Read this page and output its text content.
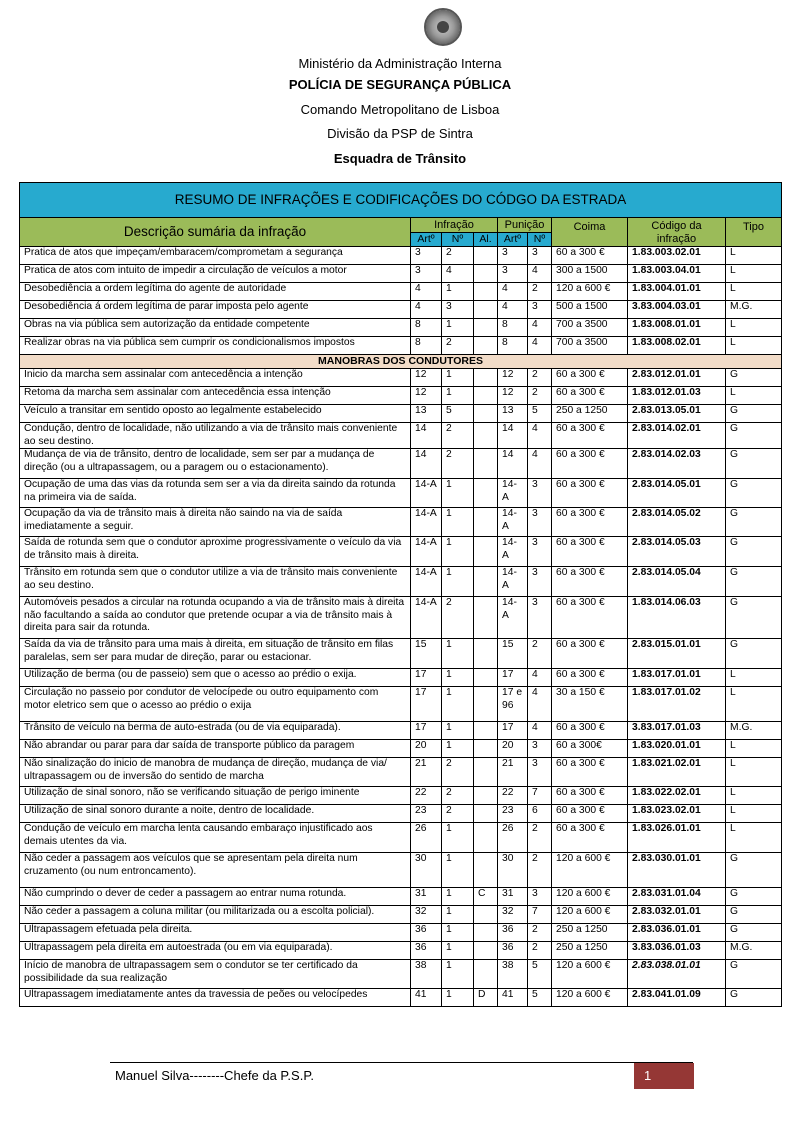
Ministério da Administração Interna
POLÍCIA DE SEGURANÇA PÚBLICA
Comando Metropolitano de Lisboa
Divisão da PSP de Sintra
Esquadra de Trânsito
RESUMO DE INFRAÇÕES E CODIFICAÇÕES DO CÓDGO DA ESTRADA								
Descrição sumária da infração	Infração			Punição		Coima	Código da infração	Tipo
	Artº	Nº	Al.	Artº	Nº			
Pratica de atos que impeçam/embaracem/comprometam a segurança	3	2		3	3	60 a 300 €	1.83.003.02.01	L
Pratica de atos com intuito de impedir a circulação de veículos a motor	3	4		3	4	300 a 1500	1.83.003.04.01	L
Desobediência a ordem legítima do agente de autoridade	4	1		4	2	120 a 600 €	1.83.004.01.01	L
Desobediência á ordem legítima de parar imposta pelo agente	4	3		4	3	500 a 1500	3.83.004.03.01	M.G.
Obras na via pública sem autorização da entidade competente	8	1		8	4	700 a 3500	1.83.008.01.01	L
Realizar obras na via pública sem cumprir os condicionalismos impostos	8	2		8	4	700 a 3500	1.83.008.02.01	L
MANOBRAS DOS CONDUTORES								
Inicio da marcha sem assinalar com antecedência a intenção	12	1		12	2	60 a 300 €	2.83.012.01.01	G
Retoma da marcha sem assinalar com antecedência essa intenção	12	1		12	2	60 a 300 €	1.83.012.01.03	L
Veículo a transitar em sentido oposto ao legalmente estabelecido	13	5		13	5	250 a 1250	2.83.013.05.01	G
Condução, dentro de localidade, não utilizando a via de trânsito mais conveniente ao seu destino.	14	2		14	4	60 a 300 €	2.83.014.02.01	G
Mudança de via de trânsito, dentro de localidade, sem ser par a mudança de direção (ou a ultrapassagem, ou a paragem ou o estacionamento).	14	2		14	4	60 a 300 €	2.83.014.02.03	G
Ocupação de uma das vias da rotunda sem ser a via da direita saindo da rotunda na primeira via de saída.	14-A	1		14-A	3	60 a 300 €	2.83.014.05.01	G
Ocupação da via de trânsito mais à direita não saindo na via de saída imediatamente a seguir.	14-A	1		14-A	3	60 a 300 €	2.83.014.05.02	G
Saída de rotunda sem que o condutor aproxime progressivamente o veículo da via de trânsito mais à direita.	14-A	1		14-A	3	60 a 300 €	2.83.014.05.03	G
Trânsito em rotunda sem que o condutor utilize a via de trânsito mais conveniente ao seu destino.	14-A	1		14-A	3	60 a 300 €	2.83.014.05.04	G
Automóveis pesados a circular na rotunda ocupando a via de trânsito mais à direita não facultando a saída ao condutor que pretende ocupar a via de trânsito mais à direita para sair da rotunda.	14-A	2		14-A	3	60 a 300 €	1.83.014.06.03	G
Saída da via de trânsito para uma mais à direita, em situação de trânsito em filas paralelas, sem ser para mudar de direção, parar ou estacionar.	15	1		15	2	60 a 300 €	2.83.015.01.01	G
Utilização de berma (ou de passeio) sem que o acesso ao prédio o exija.	17	1		17	4	60 a 300 €	1.83.017.01.01	L
Circulação no passeio por condutor de velocípede ou outro equipamento com motor eletrico sem que o acesso ao prédio o exija	17	1		17 e 96	4	30 a 150 €	1.83.017.01.02	L
Trânsito de veículo na berma de auto-estrada (ou de via equiparada).	17	1		17	4	60 a 300 €	3.83.017.01.03	M.G.
Não abrandar ou parar para dar saída de transporte público da paragem	20	1		20	3	60 a 300€	1.83.020.01.01	L
Não sinalização do inicio de manobra de mudança de direção, mudança de via/ ultrapassagem ou de inversão do sentido de marcha	21	2		21	3	60 a 300 €	1.83.021.02.01	L
Utilização de sinal sonoro, não se verificando situação de perigo iminente	22	2		22	7	60 a 300 €	1.83.022.02.01	L
Utilização de sinal sonoro durante a noite, dentro de localidade.	23	2		23	6	60 a 300 €	1.83.023.02.01	L
Condução de veículo em marcha lenta causando embaraço injustificado aos demais utentes da via.	26	1		26	2	60 a 300 €	1.83.026.01.01	L
Não ceder a passagem aos veículos que se apresentam pela direita num cruzamento (ou num entroncamento).	30	1		30	2	120 a 600 €	2.83.030.01.01	G
Não cumprindo o dever de ceder a passagem ao entrar numa rotunda.	31	1	C	31	3	120 a 600 €	2.83.031.01.04	G
Não ceder a passagem a coluna militar (ou militarizada ou a escolta policial).	32	1		32	7	120 a 600 €	2.83.032.01.01	G
Ultrapassagem efetuada pela direita.	36	1		36	2	250 a 1250	2.83.036.01.01	G
Ultrapassagem pela direita em autoestrada (ou em via equiparada).	36	1		36	2	250 a 1250	3.83.036.01.03	M.G.
Início de manobra de ultrapassagem sem o condutor se ter certificado da possibilidade da sua realização	38	1		38	5	120 a 600 €	2.83.038.01.01	G
Ultrapassagem imediatamente antes da travessia de peões ou velocípedes	41	1	D	41	5	120 a 600 €	2.83.041.01.09	G
Manuel Silva--------Chefe da P.S.P.	1
